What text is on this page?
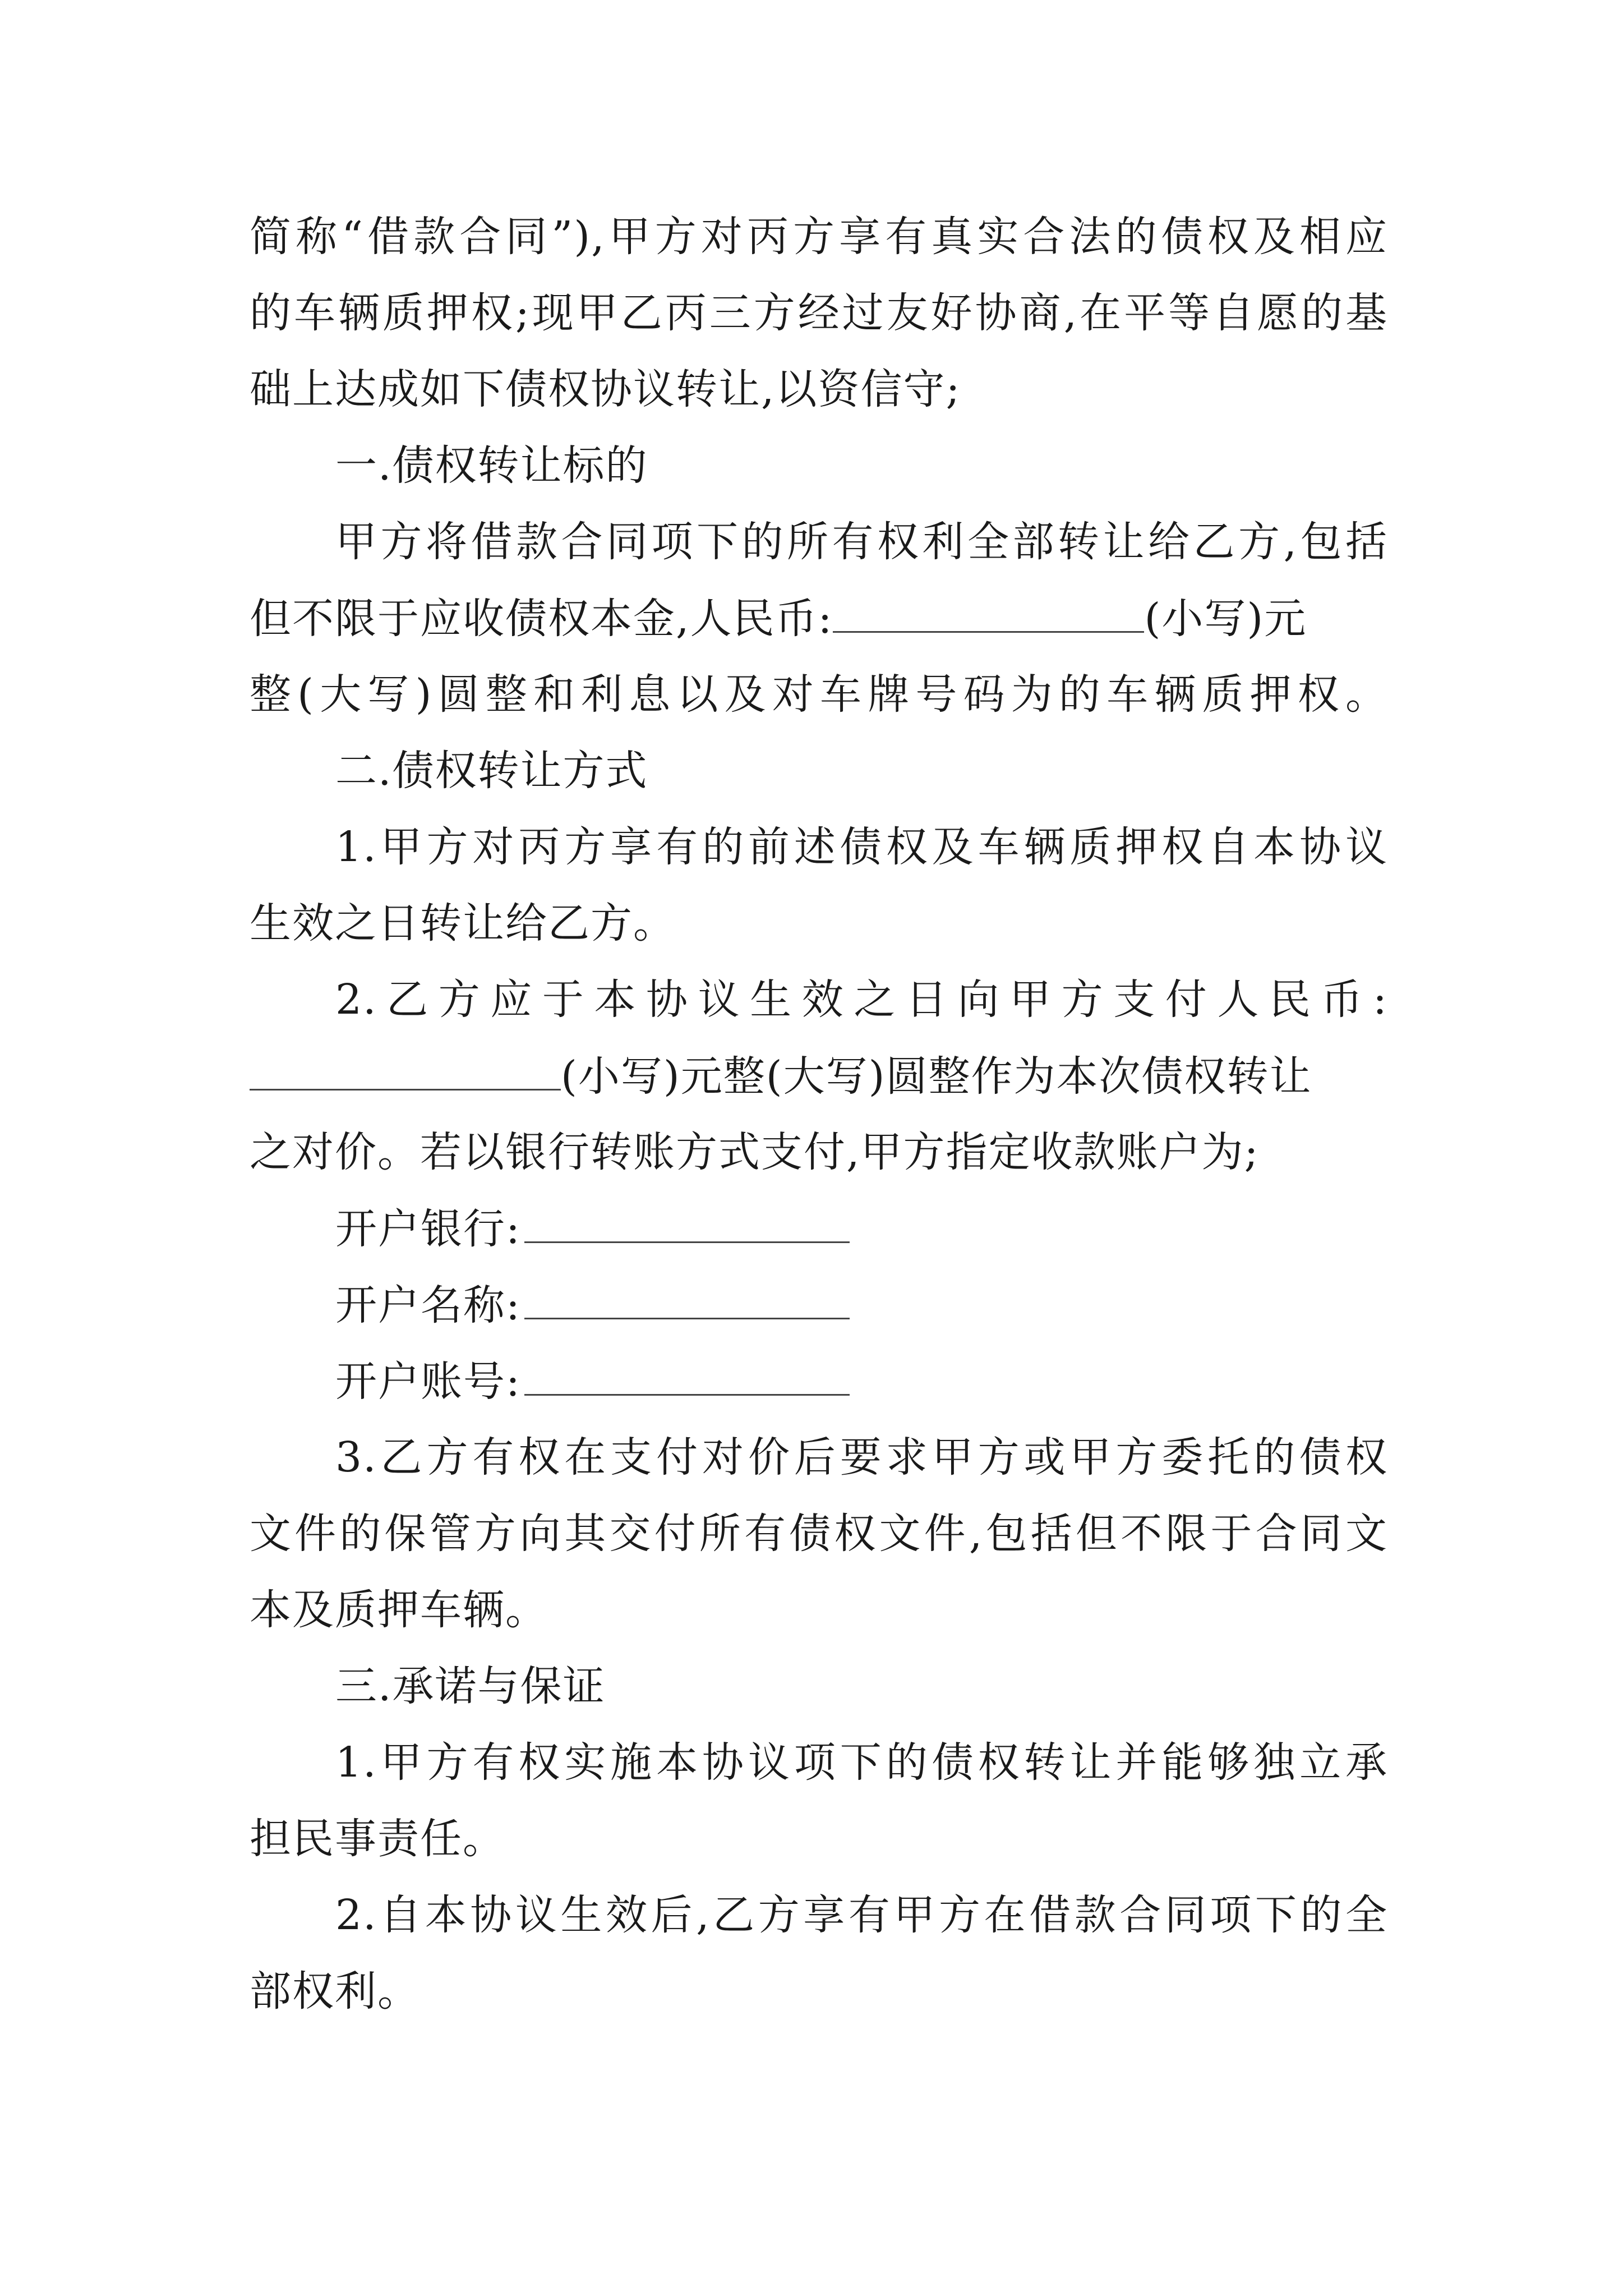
简称“借款合同”),甲方对丙方享有真实合法的债权及相应
的车辆质押权;现甲乙丙三方经过友好协商,在平等自愿的基
础上达成如下债权协议转让,以资信守;
一.债权转让标的
甲方将借款合同项下的所有权利全部转让给乙方,包括
但不限于应收债权本金,人民币:	(小写)元
整(大写)圆整和利息以及对车牌号码为的车辆质押权。
二.债权转让方式
1.甲方对丙方享有的前述债权及车辆质押权自本协议
生效之日转让给乙方。
2.乙方应于本协议生效之日向甲方支付人民币:
(小写)元整(大写)圆整作为本次债权转让
之对价。若以银行转账方式支付,甲方指定收款账户为;
开户银行:
开户名称:
开户账号:
3.乙方有权在支付对价后要求甲方或甲方委托的债权
文件的保管方向其交付所有债权文件,包括但不限于合同文
本及质押车辆。
三.承诺与保证
1.甲方有权实施本协议项下的债权转让并能够独立承
担民事责任。
2.自本协议生效后,乙方享有甲方在借款合同项下的全
部权利。
